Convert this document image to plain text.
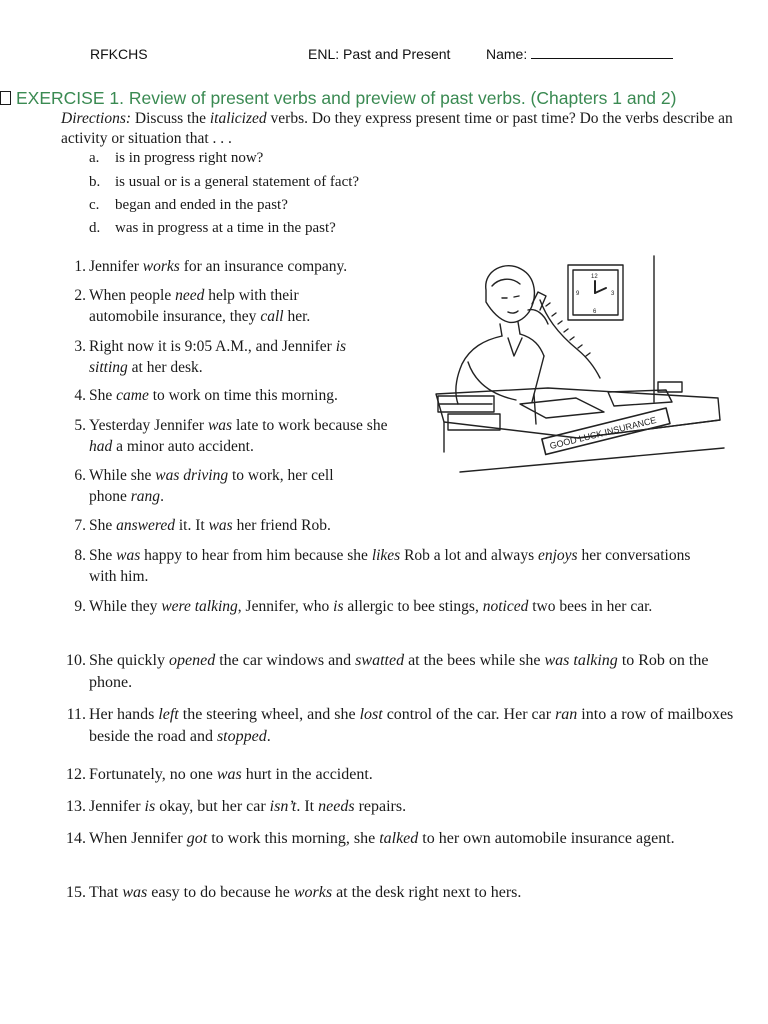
RFKCHS	ENL: Past and Present	Name:
EXERCISE 1. Review of present verbs and preview of past verbs. (Chapters 1 and 2)
Directions: Discuss the italicized verbs. Do they express present time or past time? Do the verbs describe an activity or situation that . . .
a. is in progress right now?
b. is usual or is a general statement of fact?
c. began and ended in the past?
d. was in progress at a time in the past?
12
3
6
9
GOOD LUCK INSURANCE
1. Jennifer works for an insurance company.
2. When people need help with their automobile insurance, they call her.
3. Right now it is 9:05 A.M., and Jennifer is sitting at her desk.
4. She came to work on time this morning.
5. Yesterday Jennifer was late to work because she had a minor auto accident.
6. While she was driving to work, her cell phone rang.
7. She answered it. It was her friend Rob.
8. She was happy to hear from him because she likes Rob a lot and always enjoys her conversations with him.
9. While they were talking, Jennifer, who is allergic to bee stings, noticed two bees in her car.
10. She quickly opened the car windows and swatted at the bees while she was talking to Rob on the phone.
11. Her hands left the steering wheel, and she lost control of the car. Her car ran into a row of mailboxes beside the road and stopped.
12. Fortunately, no one was hurt in the accident.
13. Jennifer is okay, but her car isn’t. It needs repairs.
14. When Jennifer got to work this morning, she talked to her own automobile insurance agent.
15. That was easy to do because he works at the desk right next to hers.
